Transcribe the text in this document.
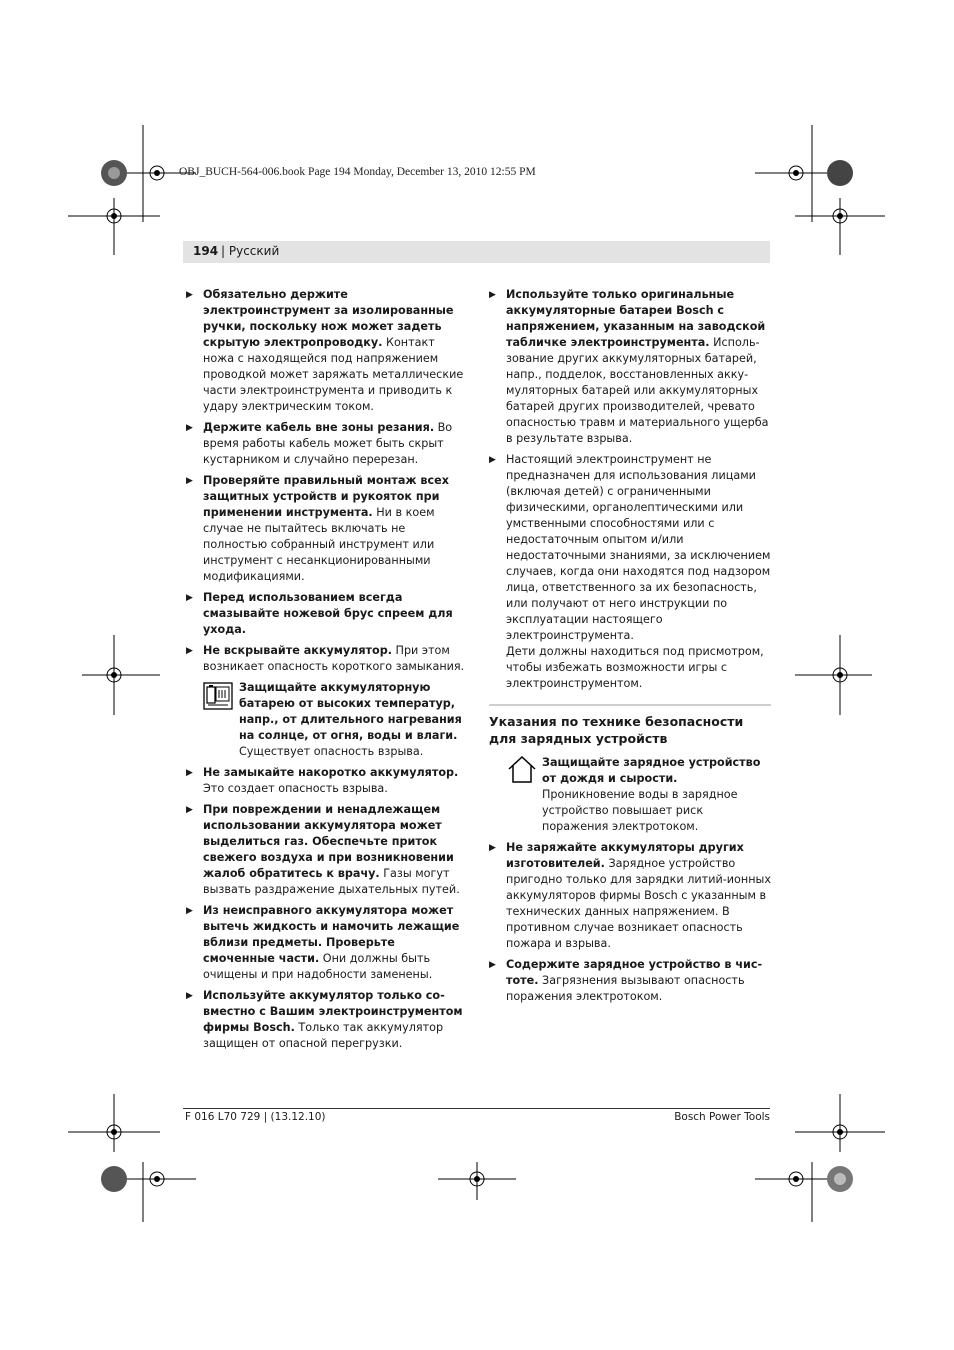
OBJ_BUCH-564-006.book Page 194 Monday, December 13, 2010 12:55 PM
194 | Русский
▶ Обязательно держите электроинструмент за изолированные ручки, поскольку нож может задеть скрытую электропроводку. Контакт ножа с находящейся под напряжением проводкой может заряжать металлические части электроинструмента и приводить к удару электрическим током.
▶ Держите кабель вне зоны резания. Во время работы кабель может быть скрыт кустарником и случайно перерезан.
▶ Проверяйте правильный монтаж всех защитных устройств и рукояток при применении инструмента. Ни в коем случае не пытайтесь включать не полностью собранный инструмент или инструмент с несанкционированными модификациями.
▶ Перед использованием всегда смазывайте ножевой брус спреем для ухода.
▶ Не вскрывайте аккумулятор. При этом возникает опасность короткого замыкания.
Защищайте аккумуляторную батарею от высоких температур, напр., от длительного нагревания на солнце, от огня, воды и влаги. Существует опасность взрыва.
▶ Не замыкайте накоротко аккумулятор. Это создает опасность взрыва.
▶ При повреждении и ненадлежащем использовании аккумулятора может выделиться газ. Обеспечьте приток свежего воздуха и при возникновении жалоб обратитесь к врачу. Газы могут вызвать раздражение дыхательных путей.
▶ Из неисправного аккумулятора может вытечь жидкость и намочить лежащие вблизи предметы. Проверьте смоченные части. Они должны быть очищены и при надобности заменены.
▶ Используйте аккумулятор только со- вместно с Вашим электроинструментом фирмы Bosch. Только так аккумулятор защищен от опасной перегрузки.
▶ Используйте только оригинальные аккумуляторные батареи Bosch с напряжением, указанным на заводской табличке электроинструмента. Исполь- зование других аккумуляторных батарей, напр., подделок, восстановленных акку- муляторных батарей или аккумуляторных батарей других производителей, чревато опасностью травм и материального ущерба в результате взрыва.
▶ Настоящий электроинструмент не предназначен для использования лицами (включая детей) с ограниченными физическими, органолептическими или умственными способностями или с недостаточным опытом и/или недостаточными знаниями, за исключением случаев, когда они находятся под надзором лица, ответственного за их безопасность, или получают от него инструкции по эксплуатации настоящего электроинструмента.
Дети должны находиться под присмотром, чтобы избежать возможности игры с электроинструментом.
Указания по технике безопасности для зарядных устройств
Защищайте зарядное устройство от дождя и сырости. Проникновение воды в зарядное устройство повышает риск поражения электротоком.
▶ Не заряжайте аккумуляторы других изготовителей. Зарядное устройство пригодно только для зарядки литий-ионных аккумуляторов фирмы Bosch с указанным в технических данных напряжением. В противном случае возникает опасность пожара и взрыва.
▶ Содержите зарядное устройство в чис- тоте. Загрязнения вызывают опасность поражения электротоком.
F 016 L70 729 | (13.12.10)	Bosch Power Tools
